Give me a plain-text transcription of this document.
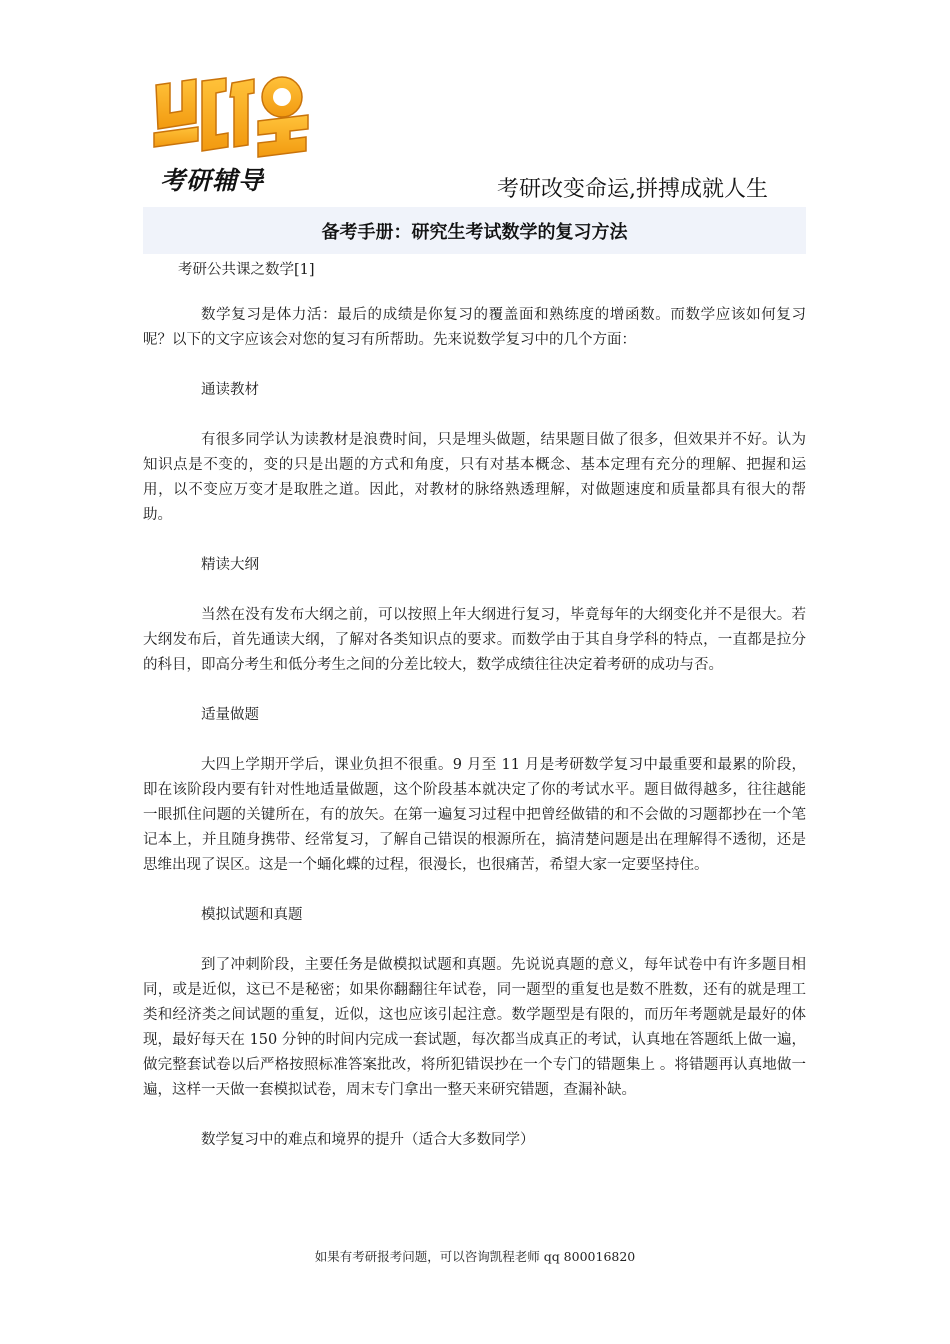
考研辅导	考研改变命运,拼搏成就人生
备考手册：研究生考试数学的复习方法
考研公共课之数学[1]

数学复习是体力活：最后的成绩是你复习的覆盖面和熟练度的增函数。而数学应该如何复习呢？以下的文字应该会对您的复习有所帮助。先来说数学复习中的几个方面：

通读教材

有很多同学认为读教材是浪费时间，只是埋头做题，结果题目做了很多，但效果并不好。认为知识点是不变的，变的只是出题的方式和角度，只有对基本概念、基本定理有充分的理解、把握和运用，以不变应万变才是取胜之道。因此，对教材的脉络熟透理解，对做题速度和质量都具有很大的帮助。

精读大纲

当然在没有发布大纲之前，可以按照上年大纲进行复习，毕竟每年的大纲变化并不是很大。若大纲发布后，首先通读大纲，了解对各类知识点的要求。而数学由于其自身学科的特点，一直都是拉分的科目，即高分考生和低分考生之间的分差比较大，数学成绩往往决定着考研的成功与否。

适量做题

大四上学期开学后，课业负担不很重。9 月至 11 月是考研数学复习中最重要和最累的阶段，即在该阶段内要有针对性地适量做题，这个阶段基本就决定了你的考试水平。题目做得越多，往往越能一眼抓住问题的关键所在，有的放矢。在第一遍复习过程中把曾经做错的和不会做的习题都抄在一个笔记本上，并且随身携带、经常复习，了解自己错误的根源所在，搞清楚问题是出在理解得不透彻，还是思维出现了误区。这是一个蛹化蝶的过程，很漫长，也很痛苦，希望大家一定要坚持住。

模拟试题和真题

到了冲刺阶段，主要任务是做模拟试题和真题。先说说真题的意义，每年试卷中有许多题目相同，或是近似，这已不是秘密；如果你翻翻往年试卷，同一题型的重复也是数不胜数，还有的就是理工类和经济类之间试题的重复，近似，这也应该引起注意。数学题型是有限的，而历年考题就是最好的体现，最好每天在 150 分钟的时间内完成一套试题，每次都当成真正的考试，认真地在答题纸上做一遍，做完整套试卷以后严格按照标准答案批改，将所犯错误抄在一个专门的错题集上 。将错题再认真地做一遍，这样一天做一套模拟试卷，周末专门拿出一整天来研究错题，查漏补缺。

数学复习中的难点和境界的提升（适合大多数同学）

如果有考研报考问题，可以咨询凯程老师 qq 800016820
